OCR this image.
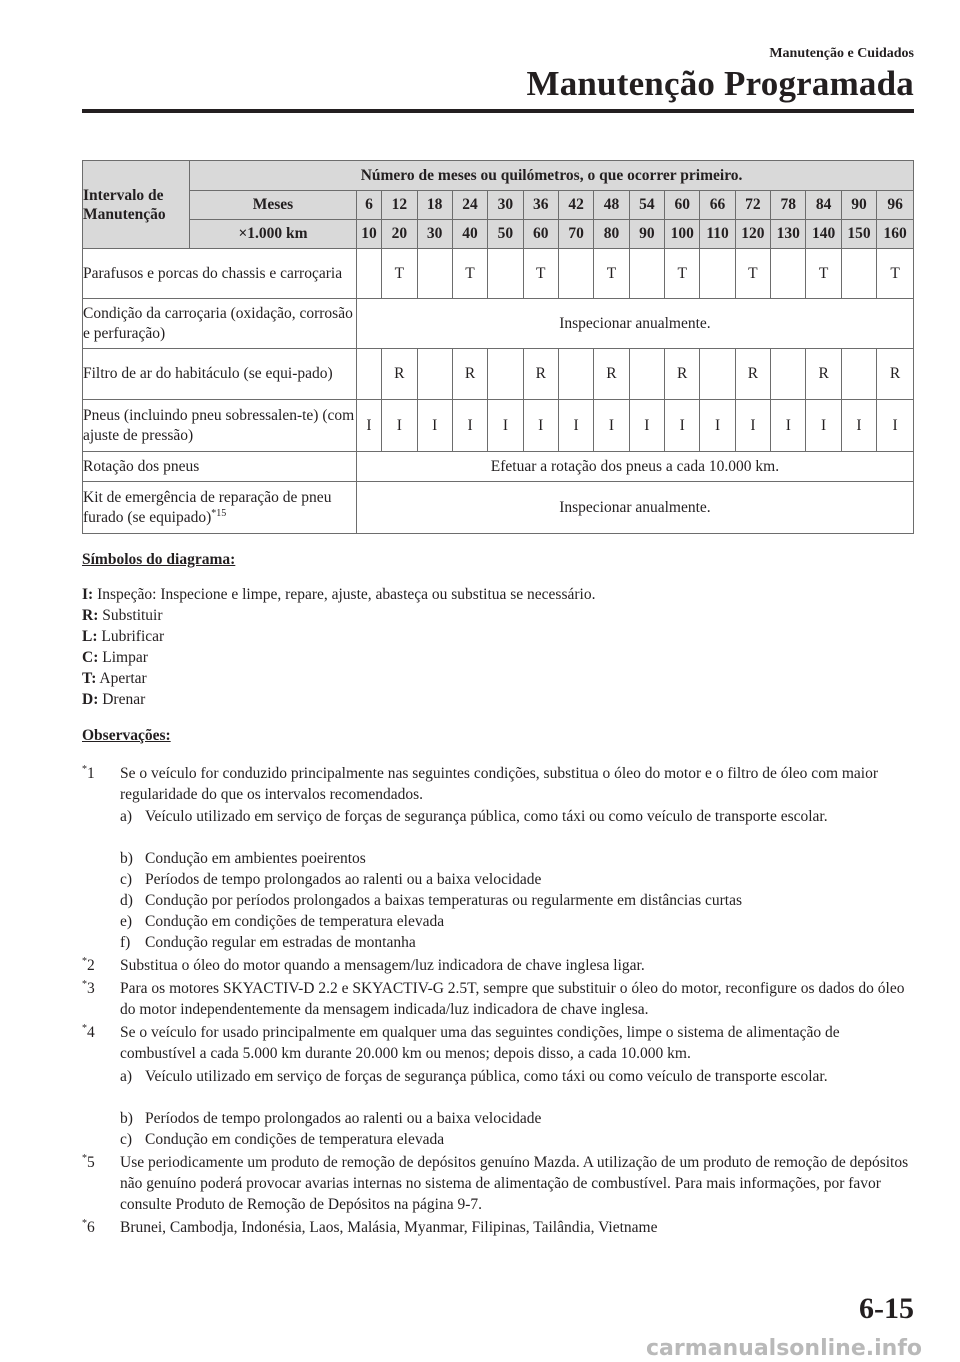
Manutenção e Cuidados
Manutenção Programada
Intervalo de Manutenção	Número de meses ou quilómetros, o que ocorrer primeiro.																
	Meses	6	12	18	24	30	36	42	48	54	60	66	72	78	84	90	96
	×1.000 km	10	20	30	40	50	60	70	80	90	100	110	120	130	140	150	160
Parafusos e porcas do chassis e carroçaria			T		T		T		T		T		T		T		T
Condição da carroçaria (oxidação, corrosão e perfuração)		Inspecionar anualmente.															
Filtro de ar do habitáculo (se equi-pado)			R		R		R		R		R		R		R		R
Pneus (incluindo pneu sobressalen-te) (com ajuste de pressão)		I	I	I	I	I	I	I	I	I	I	I	I	I	I	I	I
Rotação dos pneus		Efetuar a rotação dos pneus a cada 10.000 km.															
Kit de emergência de reparação de pneu furado (se equipado)$^{*15}$		Inspecionar anualmente.															
Símbolos do diagrama:
I: Inspeção: Inspecione e limpe, repare, ajuste, abasteça ou substitua se necessário.
R: Substituir
L: Lubrificar
C: Limpar
T: Apertar
D: Drenar
Observações:
*1 Se o veículo for conduzido principalmente nas seguintes condições, substitua o óleo do motor e o filtro de óleo com maior regularidade do que os intervalos recomendados.
a) Veículo utilizado em serviço de forças de segurança pública, como táxi ou como veículo de transporte escolar.
b) Condução em ambientes poeirentos
c) Períodos de tempo prolongados ao ralenti ou a baixa velocidade
d) Condução por períodos prolongados a baixas temperaturas ou regularmente em distâncias curtas
e) Condução em condições de temperatura elevada
f) Condução regular em estradas de montanha
*2 Substitua o óleo do motor quando a mensagem/luz indicadora de chave inglesa ligar.
*3 Para os motores SKYACTIV-D 2.2 e SKYACTIV-G 2.5T, sempre que substituir o óleo do motor, reconfigure os dados do óleo do motor independentemente da mensagem indicada/luz indicadora de chave inglesa.
*4 Se o veículo for usado principalmente em qualquer uma das seguintes condições, limpe o sistema de alimentação de combustível a cada 5.000 km durante 20.000 km ou menos; depois disso, a cada 10.000 km.
a) Veículo utilizado em serviço de forças de segurança pública, como táxi ou como veículo de transporte escolar.
b) Períodos de tempo prolongados ao ralenti ou a baixa velocidade
c) Condução em condições de temperatura elevada
*5 Use periodicamente um produto de remoção de depósitos genuíno Mazda. A utilização de um produto de remoção de depósitos não genuíno poderá provocar avarias internas no sistema de alimentação de combustível. Para mais informações, por favor consulte Produto de Remoção de Depósitos na página 9-7.
*6 Brunei, Cambodja, Indonésia, Laos, Malásia, Myanmar, Filipinas, Tailândia, Vietname
6-15
carmanualsonline.info
